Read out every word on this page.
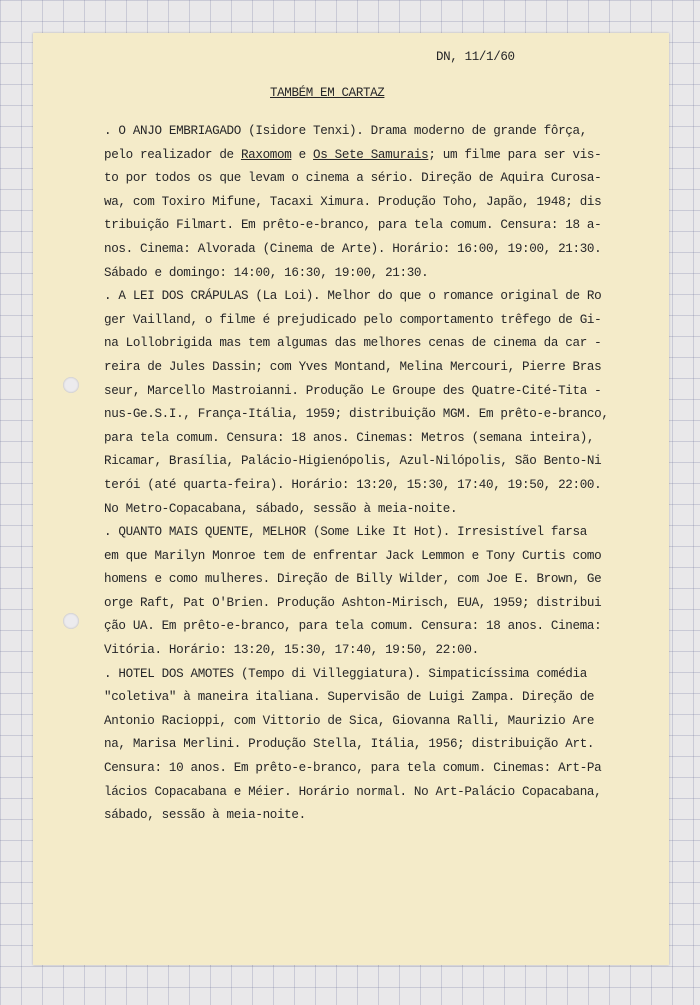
DN, 11/1/60
TAMBÉM EM CARTAZ
. O ANJO EMBRIAGADO (Isidore Tenxi). Drama moderno de grande fôrça,
pelo realizador de Raxomom e Os Sete Samurais; um filme para ser vis-
to por todos os que levam o cinema a sério. Direção de Aquira Curosa-
wa, com Toxiro Mifune, Tacaxi Ximura. Produção Toho, Japão, 1948; dis
tribuição Filmart. Em prêto-e-branco, para tela comum. Censura: 18 a-
nos. Cinema: Alvorada (Cinema de Arte). Horário: 16:00, 19:00, 21:30.
Sábado e domingo: 14:00, 16:30, 19:00, 21:30.
. A LEI DOS CRÁPULAS (La Loi). Melhor do que o romance original de Ro
ger Vailland, o filme é prejudicado pelo comportamento trêfego de Gi-
na Lollobrigida mas tem algumas das melhores cenas de cinema da car -
reira de Jules Dassin; com Yves Montand, Melina Mercouri, Pierre Bras
seur, Marcello Mastroianni. Produção Le Groupe des Quatre-Cité-Tita -
nus-Ge.S.I., França-Itália, 1959; distribuição MGM. Em prêto-e-branco,
para tela comum. Censura: 18 anos. Cinemas: Metros (semana inteira),
Ricamar, Brasília, Palácio-Higienópolis, Azul-Nilópolis, São Bento-Ni
terói (até quarta-feira). Horário: 13:20, 15:30, 17:40, 19:50, 22:00.
No Metro-Copacabana, sábado, sessão à meia-noite.
. QUANTO MAIS QUENTE, MELHOR (Some Like It Hot). Irresistível farsa
em que Marilyn Monroe tem de enfrentar Jack Lemmon e Tony Curtis como
homens e como mulheres. Direção de Billy Wilder, com Joe E. Brown, Ge
orge Raft, Pat O'Brien. Produção Ashton-Mirisch, EUA, 1959; distribui
ção UA. Em prêto-e-branco, para tela comum. Censura: 18 anos. Cinema:
Vitória. Horário: 13:20, 15:30, 17:40, 19:50, 22:00.
. HOTEL DOS AMOTES (Tempo di Villeggiatura). Simpaticíssima comédia
"coletiva" à maneira italiana. Supervisão de Luigi Zampa. Direção de
Antonio Racioppi, com Vittorio de Sica, Giovanna Ralli, Maurizio Are
na, Marisa Merlini. Produção Stella, Itália, 1956; distribuição Art.
Censura: 10 anos. Em prêto-e-branco, para tela comum. Cinemas: Art-Pa
lácios Copacabana e Méier. Horário normal. No Art-Palácio Copacabana,
sábado, sessão à meia-noite.
